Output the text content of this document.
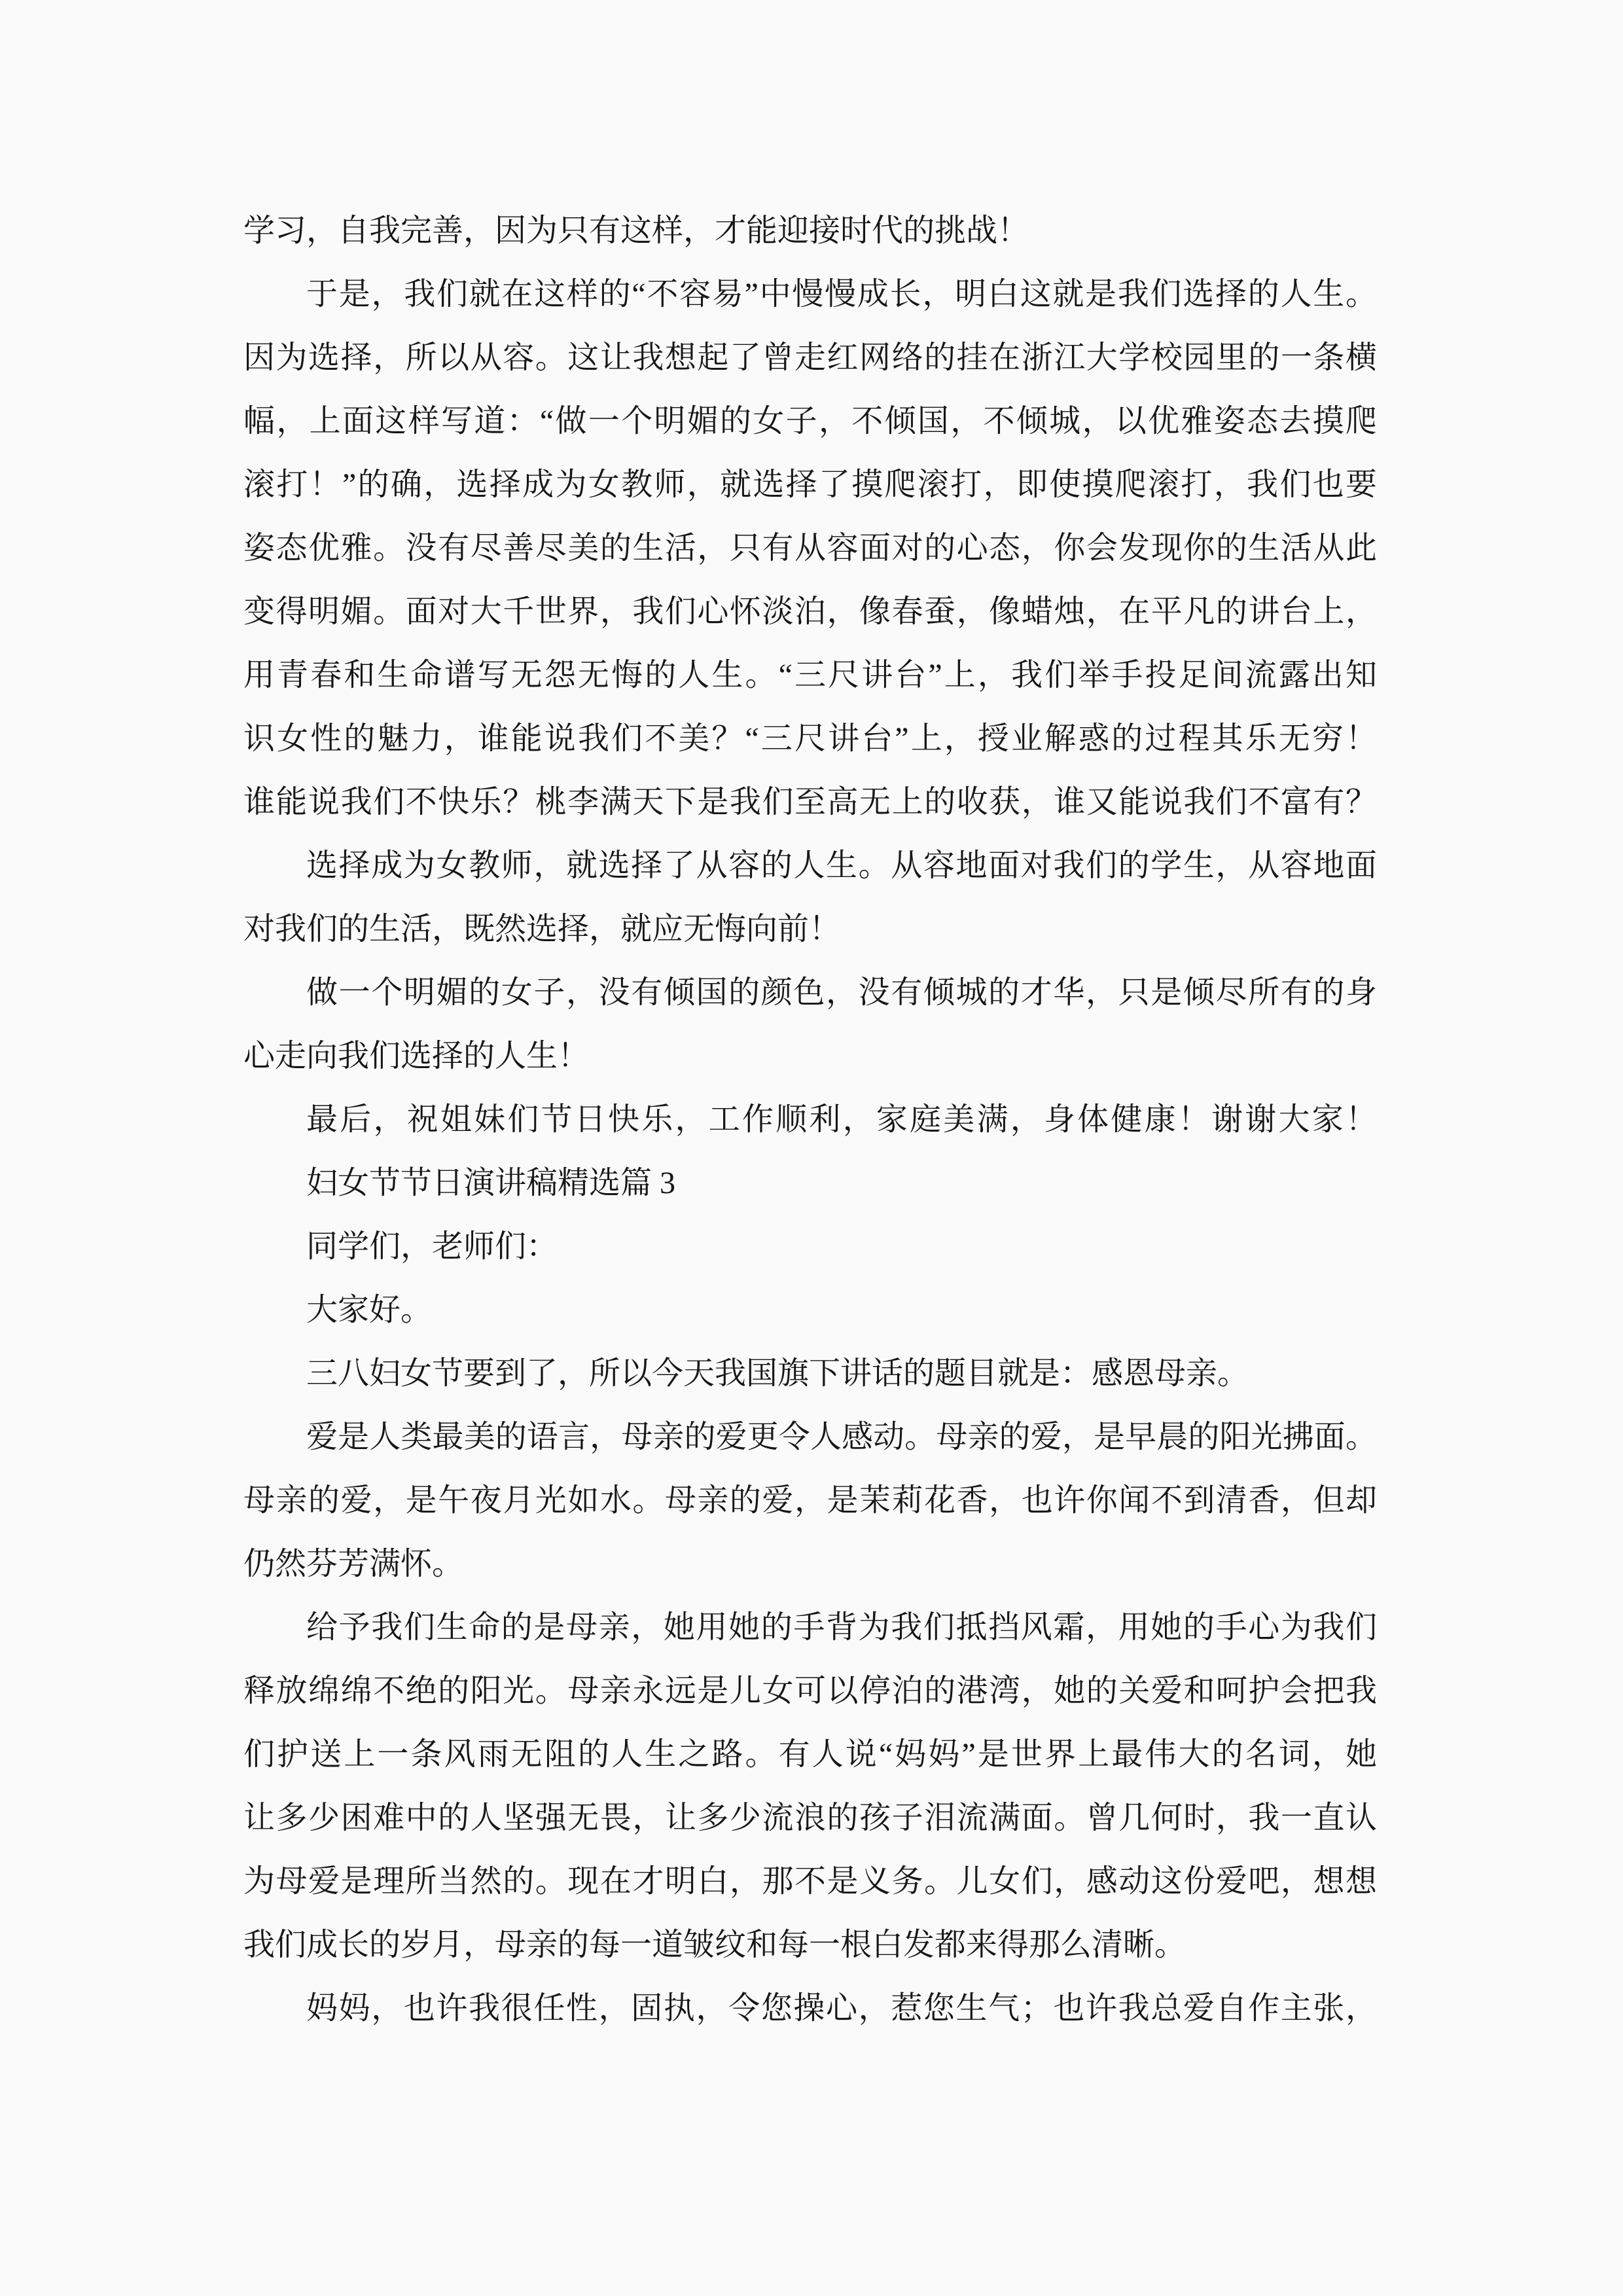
学习，自我完善，因为只有这样，才能迎接时代的挑战！
于是，我们就在这样的“不容易”中慢慢成长，明白这就是我们选择的人生。
因为选择，所以从容。这让我想起了曾走红网络的挂在浙江大学校园里的一条横
幅，上面这样写道：“做一个明媚的女子，不倾国，不倾城，以优雅姿态去摸爬
滚打！”的确，选择成为女教师，就选择了摸爬滚打，即使摸爬滚打，我们也要
姿态优雅。没有尽善尽美的生活，只有从容面对的心态，你会发现你的生活从此
变得明媚。面对大千世界，我们心怀淡泊，像春蚕，像蜡烛，在平凡的讲台上，
用青春和生命谱写无怨无悔的人生。“三尺讲台”上，我们举手投足间流露出知
识女性的魅力，谁能说我们不美？“三尺讲台”上，授业解惑的过程其乐无穷！
谁能说我们不快乐？桃李满天下是我们至高无上的收获，谁又能说我们不富有？
选择成为女教师，就选择了从容的人生。从容地面对我们的学生，从容地面
对我们的生活，既然选择，就应无悔向前！
做一个明媚的女子，没有倾国的颜色，没有倾城的才华，只是倾尽所有的身
心走向我们选择的人生！
最后，祝姐妹们节日快乐，工作顺利，家庭美满，身体健康！谢谢大家！
妇女节节日演讲稿精选篇 3
同学们，老师们：
大家好。
三八妇女节要到了，所以今天我国旗下讲话的题目就是：感恩母亲。
爱是人类最美的语言，母亲的爱更令人感动。母亲的爱，是早晨的阳光拂面。
母亲的爱，是午夜月光如水。母亲的爱，是茉莉花香，也许你闻不到清香，但却
仍然芬芳满怀。
给予我们生命的是母亲，她用她的手背为我们抵挡风霜，用她的手心为我们
释放绵绵不绝的阳光。母亲永远是儿女可以停泊的港湾，她的关爱和呵护会把我
们护送上一条风雨无阻的人生之路。有人说“妈妈”是世界上最伟大的名词，她
让多少困难中的人坚强无畏，让多少流浪的孩子泪流满面。曾几何时，我一直认
为母爱是理所当然的。现在才明白，那不是义务。儿女们，感动这份爱吧，想想
我们成长的岁月，母亲的每一道皱纹和每一根白发都来得那么清晰。
妈妈，也许我很任性，固执，令您操心，惹您生气；也许我总爱自作主张，
